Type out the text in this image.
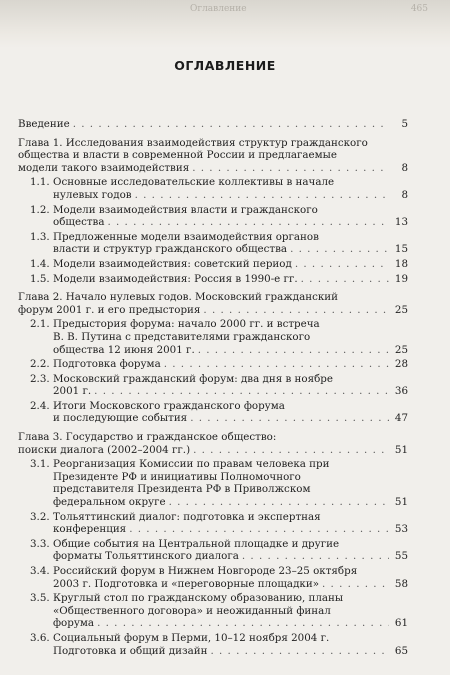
Оглавление	465
ОГЛАВЛЕНИЕ
Введение . . .	5
Глава 1. Исследования взаимодействия структур гражданского
общества и власти в современной России и предлагаемые
модели такого взаимодействия . . .	8
1.1. Основные исследовательские коллективы в начале
нулевых годов . . .	8
1.2. Модели взаимодействия власти и гражданского
общества . . .	13
1.3. Предложенные модели взаимодействия органов
власти и структур гражданского общества . . .	15
1.4. Модели взаимодействия: советский период . . .	18
1.5. Модели взаимодействия: Россия в 1990-е гг. . . .	19
Глава 2. Начало нулевых годов. Московский гражданский
форум 2001 г. и его предыстория . . .	25
2.1. Предыстория форума: начало 2000 гг. и встреча
В. В. Путина с представителями гражданского
общества 12 июня 2001 г. . . .	25
2.2. Подготовка форума . . .	28
2.3. Московский гражданский форум: два дня в ноябре
2001 г. . . .	36
2.4. Итоги Московского гражданского форума
и последующие события . . .	47
Глава 3. Государство и гражданское общество:
поиски диалога (2002–2004 гг.) . . .	51
3.1. Реорганизация Комиссии по правам человека при
Президенте РФ и инициативы Полномочного
представителя Президента РФ в Приволжском
федеральном округе . . .	51
3.2. Тольяттинский диалог: подготовка и экспертная
конференция . . .	53
3.3. Общие события на Центральной площадке и другие
форматы Тольяттинского диалога . . .	55
3.4. Российский форум в Нижнем Новгороде 23–25 октября
2003 г. Подготовка и «переговорные площадки» . . .	58
3.5. Круглый стол по гражданскому образованию, планы
«Общественного договора» и неожиданный финал
форума . . .	61
3.6. Социальный форум в Перми, 10–12 ноября 2004 г.
Подготовка и общий дизайн . . .	65
